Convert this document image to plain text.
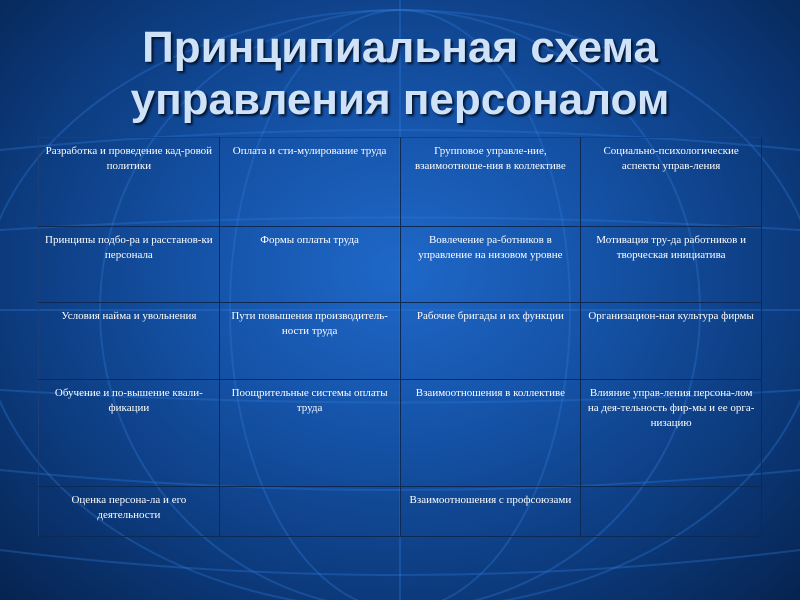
Принципиальная схема
управления персоналом
Разработка и проведение кад-ровой политики	Оплата и сти-мулирование труда	Групповое управле-ние, взаимоотноше-ния в коллективе	Социально-психологические аспекты управ-ления
Принципы подбо-ра и расстанов-ки персонала	Формы оплаты труда	Вовлечение ра-ботников в управление на низовом уровне	Мотивация тру-да работников и творческая инициатива
Условия найма и увольнения	Пути повышения производитель-ности труда	Рабочие бригады и их функции	Организацион-ная культура фирмы
Обучение и по-вышение квали-фикации	Поощрительные системы оплаты труда	Взаимоотношения в коллективе	Влияние управ-ления персона-лом на дея-тельность фир-мы и ее орга-низацию
Оценка персона-ла и его деятельности		Взаимоотношения с профсоюзами	
